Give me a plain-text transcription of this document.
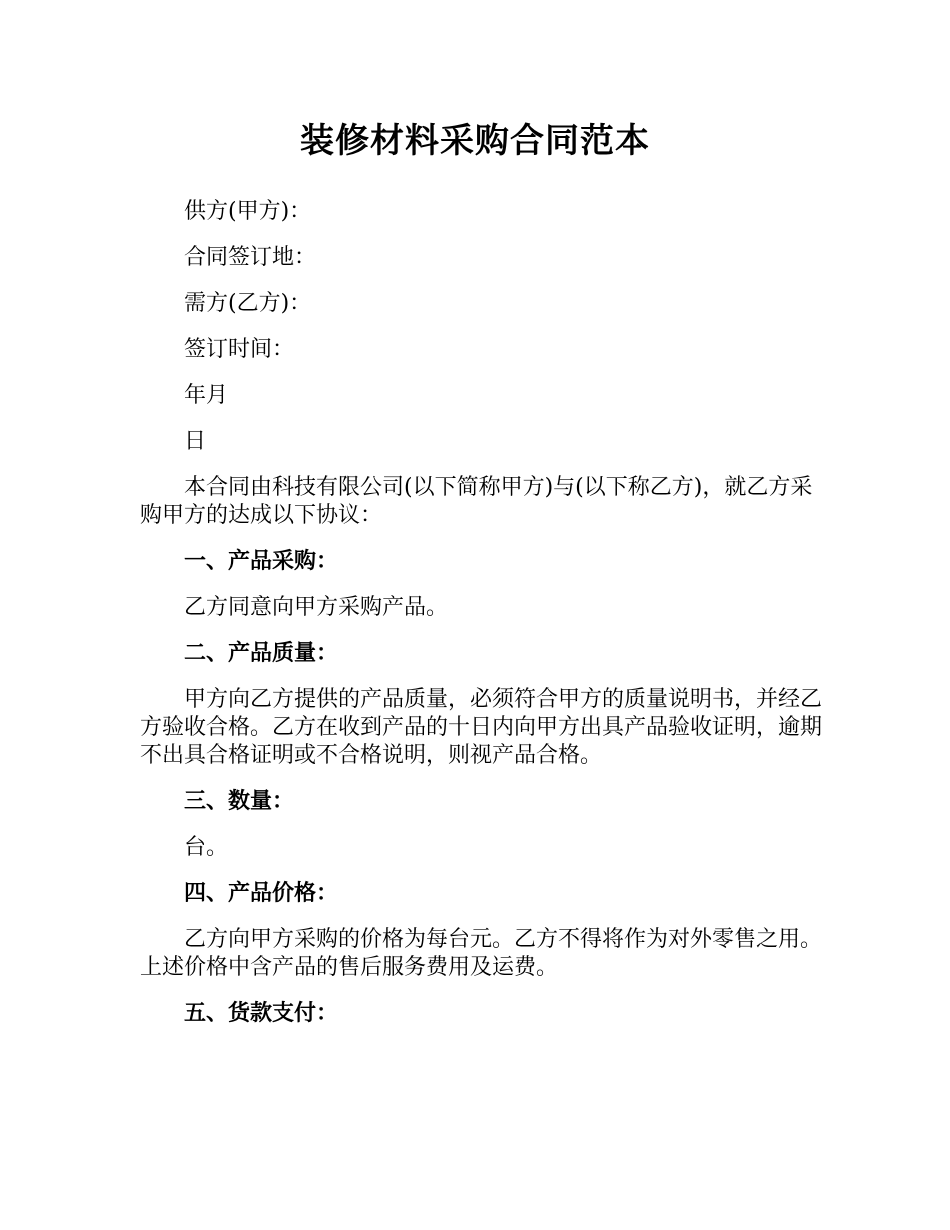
装修材料采购合同范本

供方(甲方)：

合同签订地：

需方(乙方)：

签订时间：

年月

日

本合同由科技有限公司(以下简称甲方)与(以下称乙方)，就乙方采购甲方的达成以下协议：

一、产品采购：

乙方同意向甲方采购产品。

二、产品质量：

甲方向乙方提供的产品质量，必须符合甲方的质量说明书，并经乙方验收合格。乙方在收到产品的十日内向甲方出具产品验收证明，逾期不出具合格证明或不合格说明，则视产品合格。

三、数量：

台。

四、产品价格：

乙方向甲方采购的价格为每台元。乙方不得将作为对外零售之用。上述价格中含产品的售后服务费用及运费。

五、货款支付：
